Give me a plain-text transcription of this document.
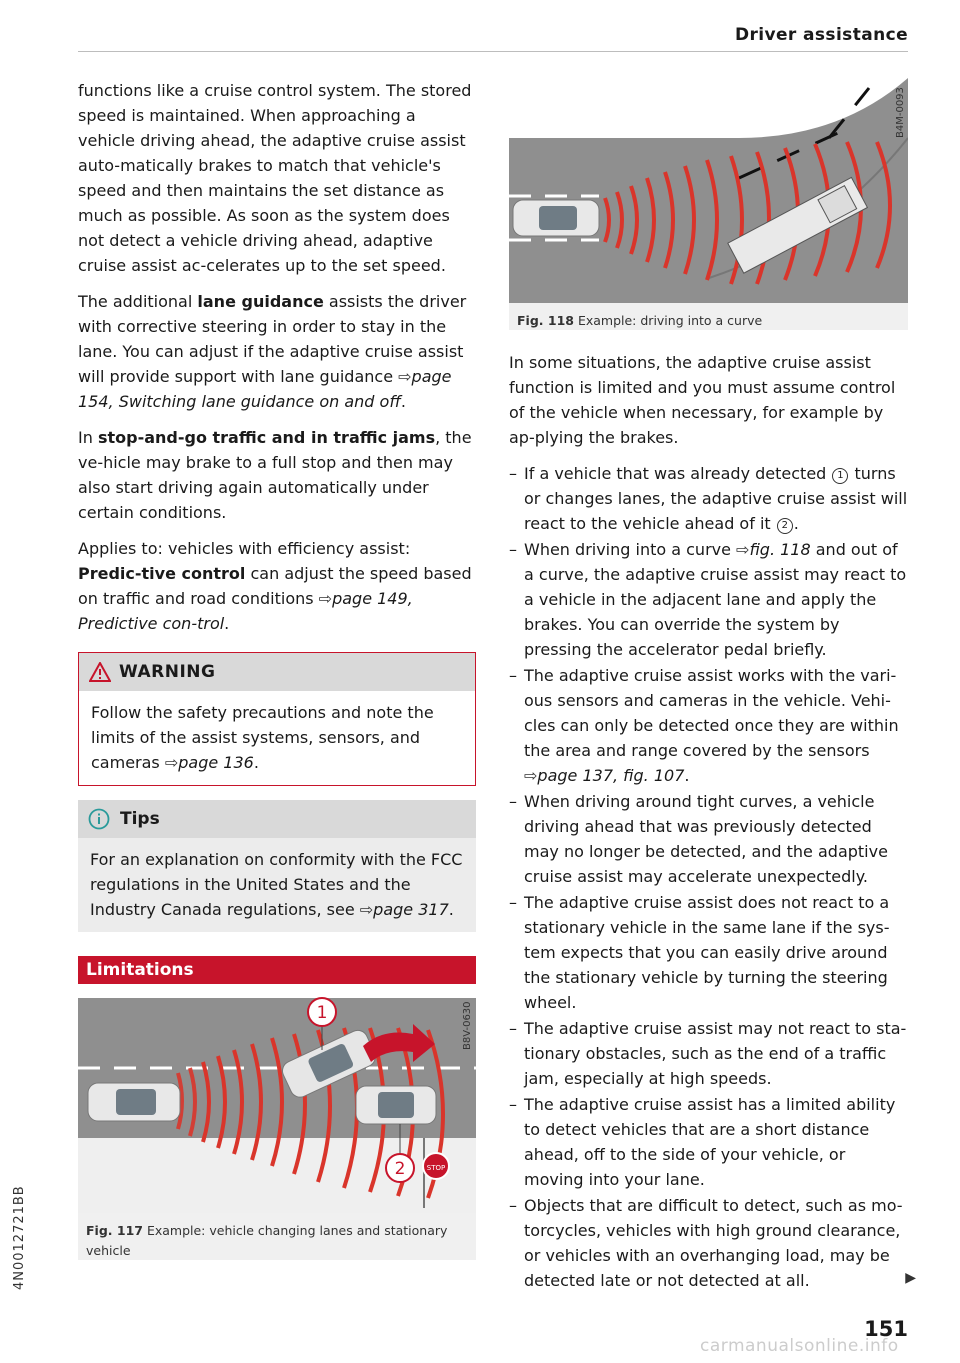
Driver assistance

functions like a cruise control system. The stored speed is maintained. When approaching a vehicle driving ahead, the adaptive cruise assist auto-matically brakes to match that vehicle's speed and then maintains the set distance as much as possible. As soon as the system does not detect a vehicle driving ahead, adaptive cruise assist ac-celerates up to the set speed.

The additional lane guidance assists the driver with corrective steering in order to stay in the lane. You can adjust if the adaptive cruise assist will provide support with lane guidance ⇨page 154, Switching lane guidance on and off.

In stop-and-go traffic and in traffic jams, the ve-hicle may brake to a full stop and then may also start driving again automatically under certain conditions.

Applies to: vehicles with efficiency assist: Predic-tive control can adjust the speed based on traffic and road conditions ⇨page 149, Predictive con-trol.

WARNING
Follow the safety precautions and note the limits of the assist systems, sensors, and cameras ⇨page 136.
Tips
For an explanation on conformity with the FCC regulations in the United States and the Industry Canada regulations, see ⇨page 317.
Limitations
1
2	STOP
B8V-0630
Fig. 117 Example: vehicle changing lanes and stationary vehicle
B4M-0093
Fig. 118 Example: driving into a curve

In some situations, the adaptive cruise assist function is limited and you must assume control of the vehicle when necessary, for example by ap-plying the brakes.

– If a vehicle that was already detected 1 turns or changes lanes, the adaptive cruise assist will react to the vehicle ahead of it 2 .
– When driving into a curve ⇨fig. 118 and out of a curve, the adaptive cruise assist may react to a vehicle in the adjacent lane and apply the brakes. You can override the system by pressing the accelerator pedal briefly.
– The adaptive cruise assist works with the vari-ous sensors and cameras in the vehicle. Vehi-cles can only be detected once they are within the area and range covered by the sensors ⇨page 137, fig. 107.
– When driving around tight curves, a vehicle driving ahead that was previously detected may no longer be detected, and the adaptive cruise assist may accelerate unexpectedly.
– The adaptive cruise assist does not react to a stationary vehicle in the same lane if the sys-tem expects that you can easily drive around the stationary vehicle by turning the steering wheel.
– The adaptive cruise assist may not react to sta-tionary obstacles, such as the end of a traffic jam, especially at high speeds.
– The adaptive cruise assist has a limited ability to detect vehicles that are a short distance ahead, off to the side of your vehicle, or moving into your lane.
– Objects that are difficult to detect, such as mo-torcycles, vehicles with high ground clearance, or vehicles with an overhanging load, may be detected late or not detected at all.	▶
4N0012721BB
151
carmanualsonline.info
